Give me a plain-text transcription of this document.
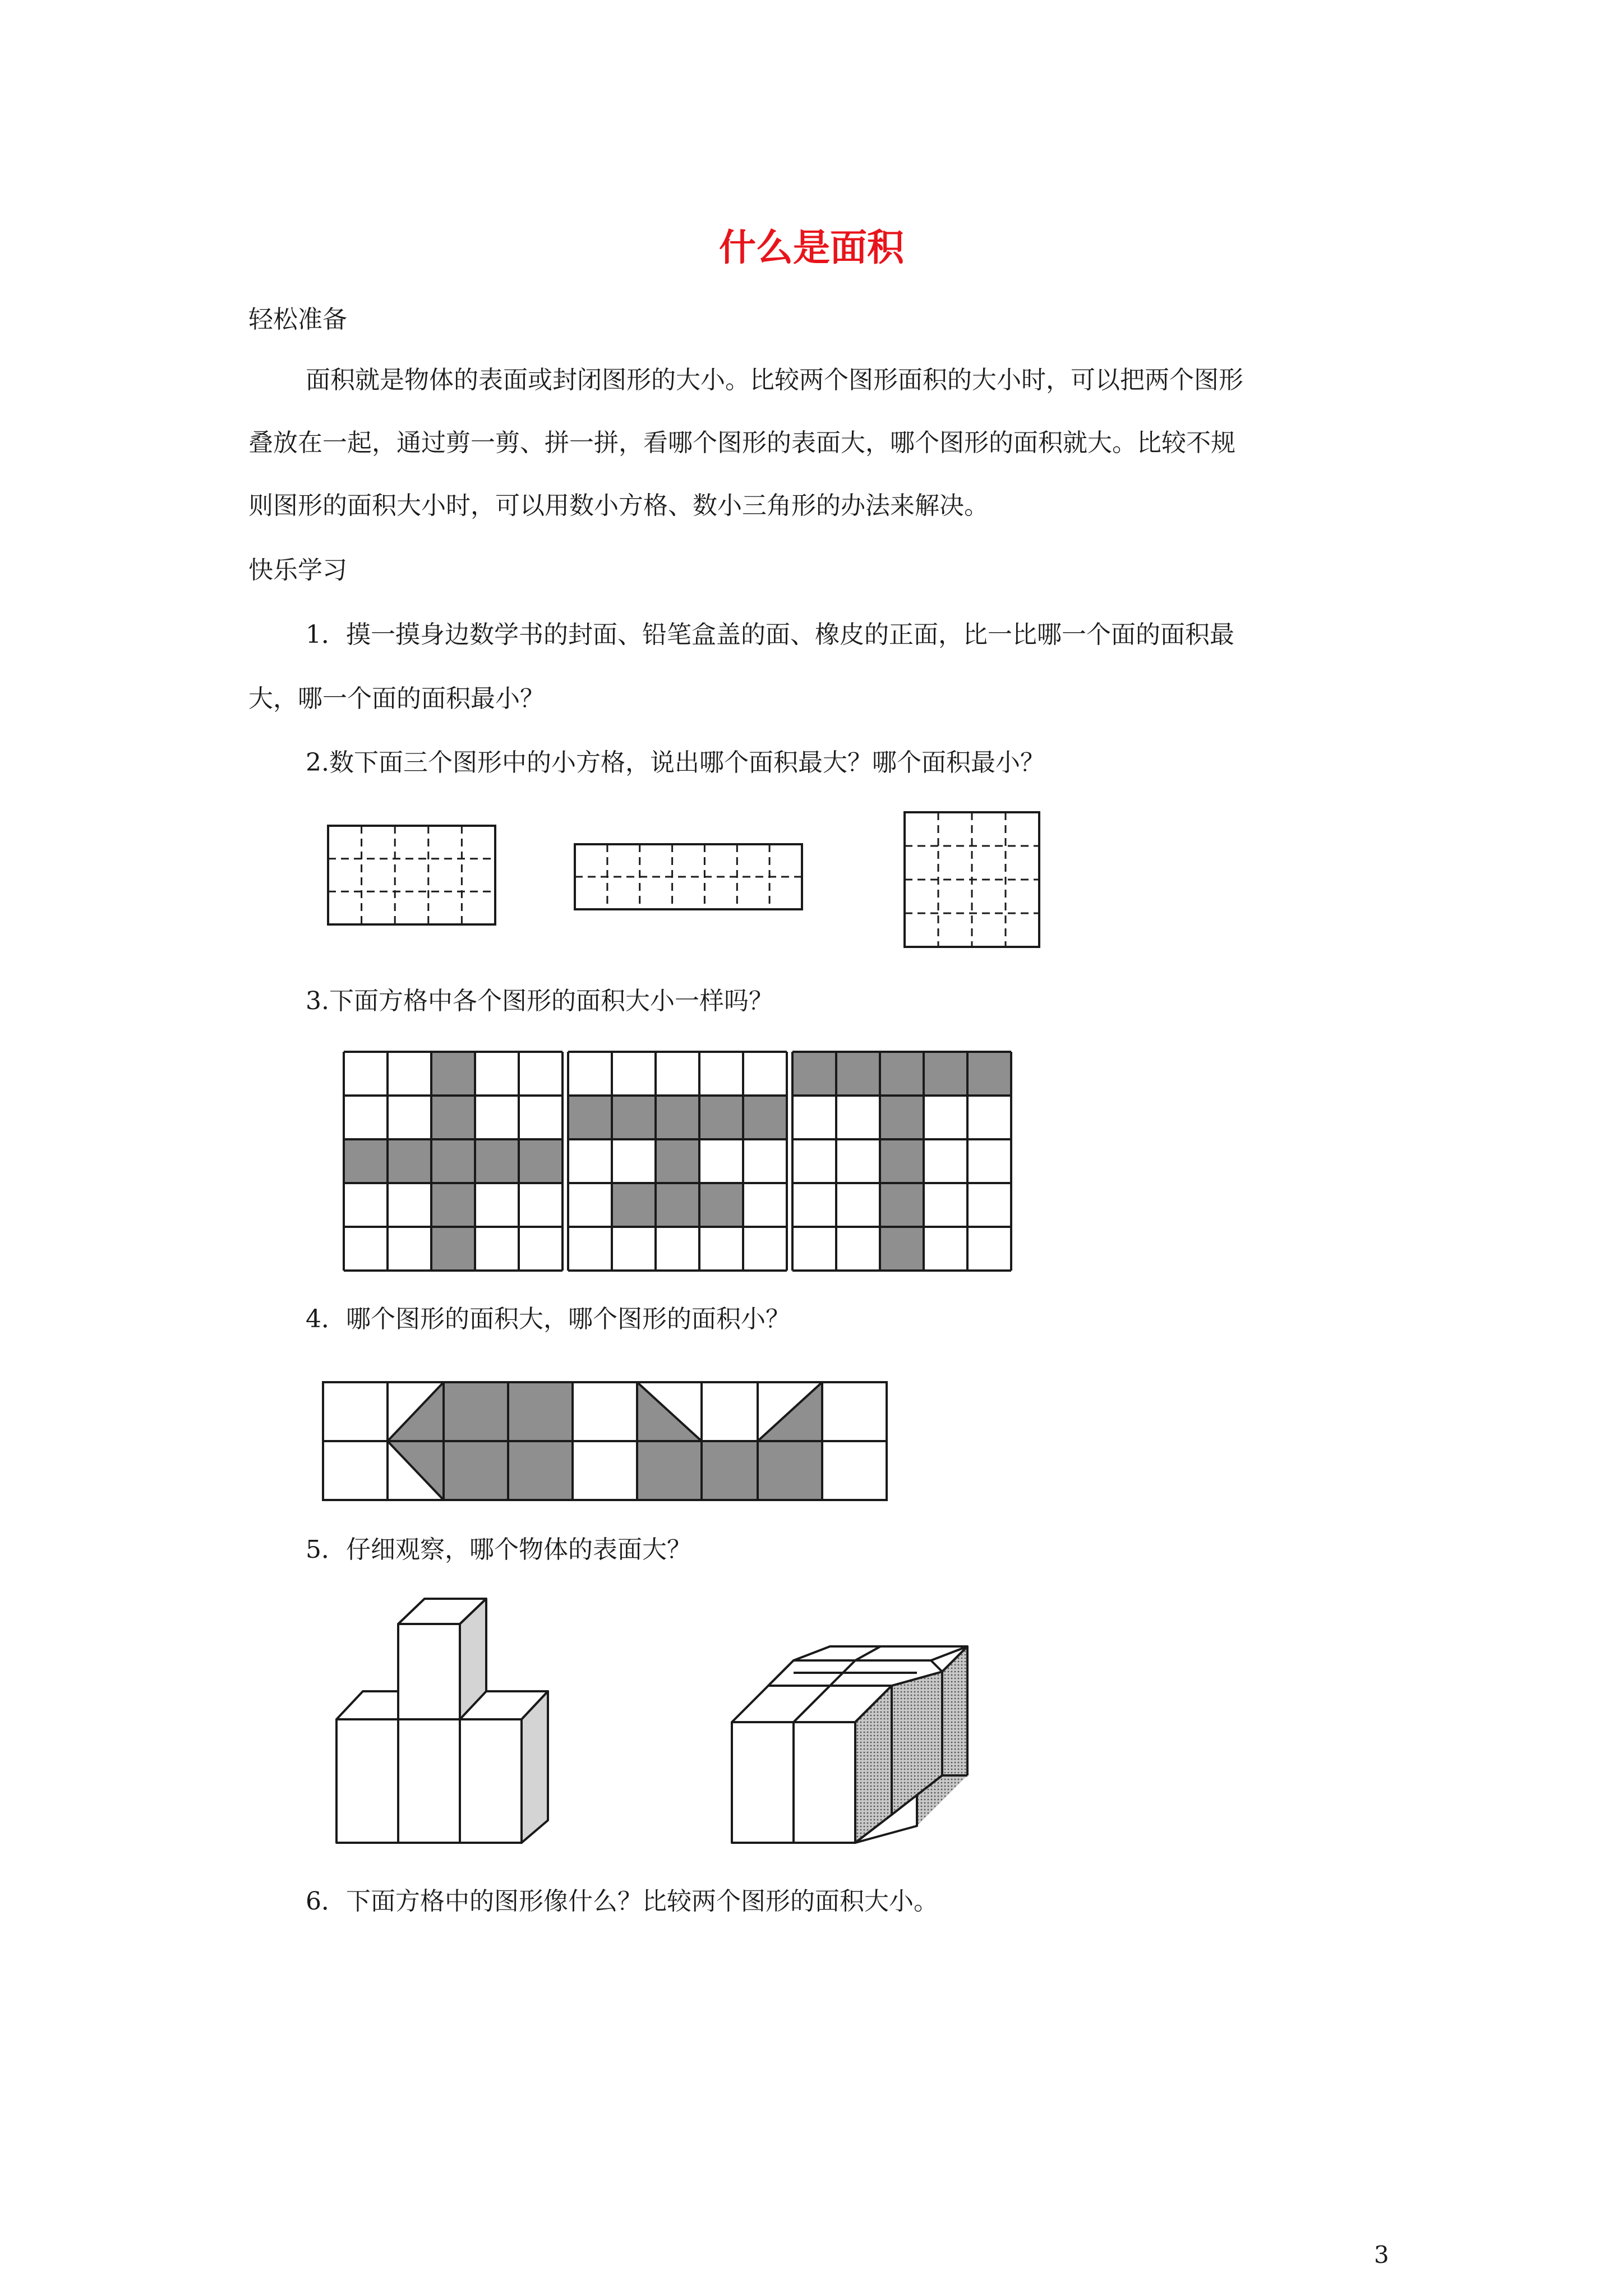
什么是面积
轻松准备
面积就是物体的表面或封闭图形的大小。比较两个图形面积的大小时，可以把两个图形
叠放在一起，通过剪一剪、拼一拼，看哪个图形的表面大，哪个图形的面积就大。比较不规
则图形的面积大小时，可以用数小方格、数小三角形的办法来解决。
快乐学习
1．摸一摸身边数学书的封面、铅笔盒盖的面、橡皮的正面，比一比哪一个面的面积最
大，哪一个面的面积最小？
2.数下面三个图形中的小方格，说出哪个面积最大？哪个面积最小？
3.下面方格中各个图形的面积大小一样吗？
4．哪个图形的面积大，哪个图形的面积小？
5．仔细观察，哪个物体的表面大？
6．下面方格中的图形像什么？比较两个图形的面积大小。
3
